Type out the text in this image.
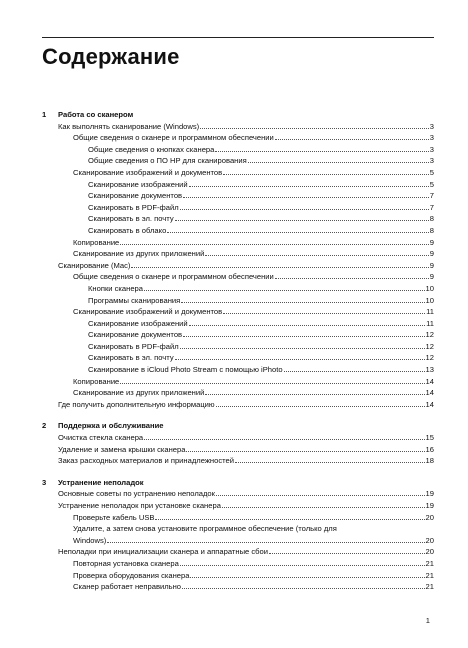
Содержание
1 Работа со сканером
Как выполнять сканирование (Windows)	3
Общие сведения о сканере и программном обеспечении	3
Общие сведения о кнопках сканера	3
Общие сведения о ПО HP для сканирования	3
Сканирование изображений и документов	5
Сканирование изображений	5
Сканирование документов	7
Сканировать в PDF-файл	7
Сканировать в эл. почту	8
Сканировать в облако	8
Копирование	9
Сканирование из других приложений	9
Сканирование (Mac)	9
Общие сведения о сканере и программном обеспечении	9
Кнопки сканера	10
Программы сканирования	10
Сканирование изображений и документов	11
Сканирование изображений	11
Сканирование документов	12
Сканировать в PDF-файл	12
Сканировать в эл. почту	12
Сканирование в iCloud Photo Stream с помощью iPhoto	13
Копирование	14
Сканирование из других приложений	14
Где получить дополнительную информацию	14
2 Поддержка и обслуживание
Очистка стекла сканера	15
Удаление и замена крышки сканера	16
Заказ расходных материалов и принадлежностей	18
3 Устранение неполадок
Основные советы по устранению неполадок	19
Устранение неполадок при установке сканера	19
Проверьте кабель USB	20
Удалите, а затем снова установите программное обеспечение (только для
Windows)	20
Неполадки при инициализации сканера и аппаратные сбои	20
Повторная установка сканера	21
Проверка оборудования сканера	21
Сканер работает неправильно	21
1
